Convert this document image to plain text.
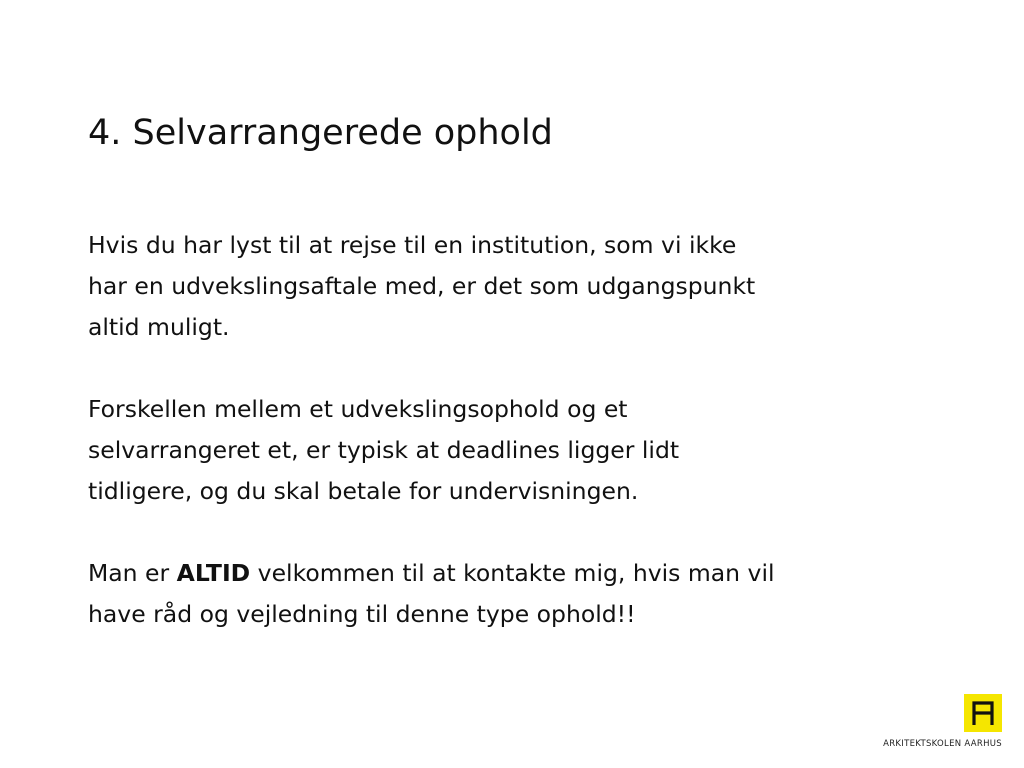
4. Selvarrangerede ophold

Hvis du har lyst til at rejse til en institution, som vi ikke
har en udvekslingsaftale med, er det som udgangspunkt
altid muligt.

Forskellen mellem et udvekslingsophold og et
selvarrangeret et, er typisk at deadlines ligger lidt
tidligere, og du skal betale for undervisningen.

Man er ALTID velkommen til at kontakte mig, hvis man vil
have råd og vejledning til denne type ophold!!

ARKITEKTSKOLEN AARHUS
